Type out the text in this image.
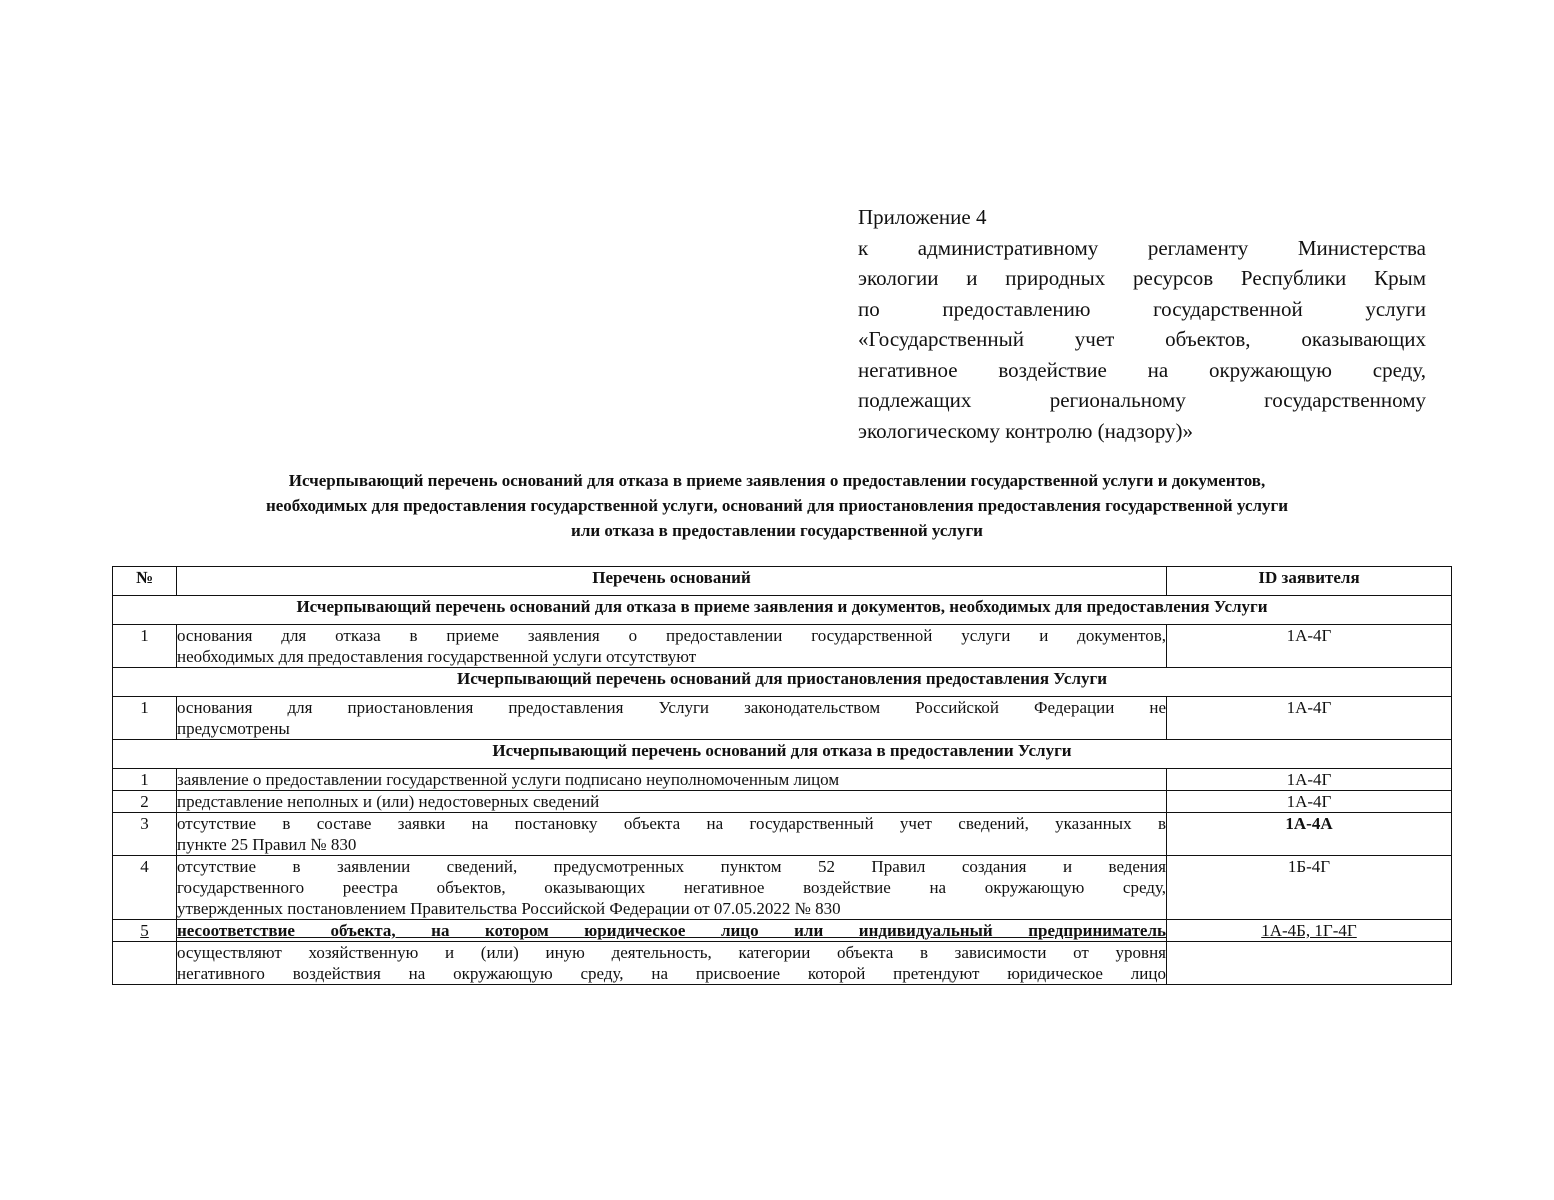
Приложение 4
к административному регламенту Министерства
экологии и природных ресурсов Республики Крым
по предоставлению государственной услуги
«Государственный учет объектов, оказывающих
негативное воздействие на окружающую среду,
подлежащих региональному государственному
экологическому контролю (надзору)»
Исчерпывающий перечень оснований для отказа в приеме заявления о предоставлении государственной услуги и документов,
необходимых для предоставления государственной услуги, оснований для приостановления предоставления государственной услуги
или отказа в предоставлении государственной услуги
№	Перечень оснований	ID заявителя
Исчерпывающий перечень оснований для отказа в приеме заявления и документов, необходимых для предоставления Услуги		
1	основания для отказа в приеме заявления о предоставлении государственной услуги и документов,
необходимых для предоставления государственной услуги отсутствуют	1А-4Г
Исчерпывающий перечень оснований для приостановления предоставления Услуги		
1	основания для приостановления предоставления Услуги законодательством Российской Федерации не
предусмотрены	1А-4Г
Исчерпывающий перечень оснований для отказа в предоставлении Услуги		
1	заявление о предоставлении государственной услуги подписано неуполномоченным лицом	1А-4Г
2	представление неполных и (или) недостоверных сведений	1А-4Г
3	отсутствие в составе заявки на постановку объекта на государственный учет сведений, указанных в
пункте 25 Правил № 830	1А-4А
4	отсутствие в заявлении сведений, предусмотренных пунктом 52 Правил создания и ведения
государственного реестра объектов, оказывающих негативное воздействие на окружающую среду,
утвержденных постановлением Правительства Российской Федерации от 07.05.2022 № 830	1Б-4Г
5	несоответствие объекта, на котором юридическое лицо или индивидуальный предприниматель	1А-4Б, 1Г-4Г

	осуществляют хозяйственную и (или) иную деятельность, категории объекта в зависимости от уровня
негативного воздействия на окружающую среду, на присвоение которой претендуют юридическое лицо	
